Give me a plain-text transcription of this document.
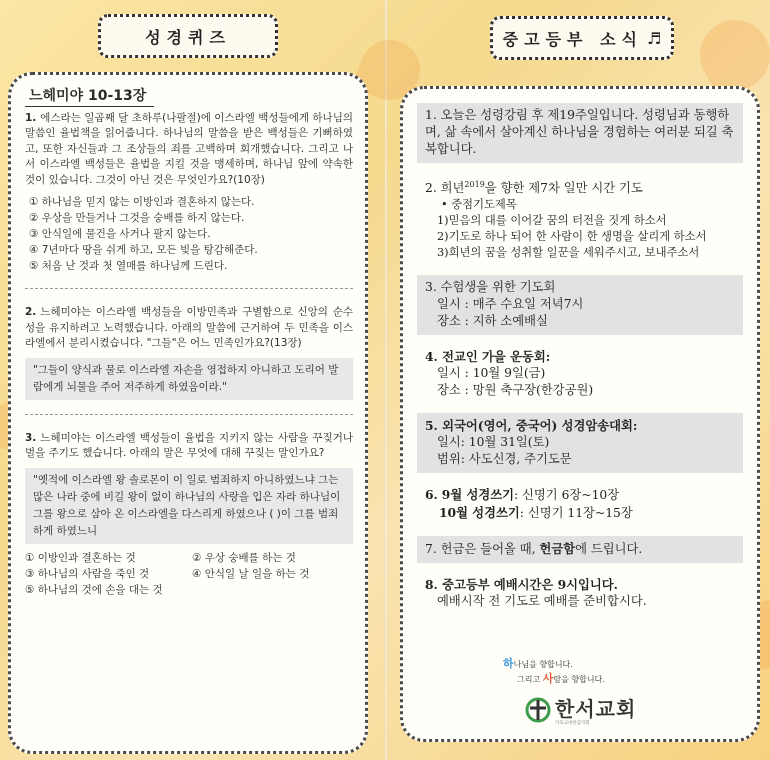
성경퀴즈
느헤미야 10-13장
1. 에스라는 일곱째 달 초하루(나팔절)에 이스라엘 백성들에게 하나님의 말씀인 율법책을 읽어줍니다. 하나님의 말씀을 받은 백성들은 기뻐하였고, 또한 자신들과 그 조상들의 죄를 고백하며 회개했습니다. 그리고 나서 이스라엘 백성들은 율법을 지킬 것을 맹세하며, 하나님 앞에 약속한 것이 있습니다. 그것이 아닌 것은 무엇인가요?(10장)
① 하나님을 믿지 않는 이방인과 결혼하지 않는다.
② 우상을 만들거나 그것을 숭배를 하지 않는다.
③ 안식일에 물건을 사거나 팔지 않는다.
④ 7년마다 땅을 쉬게 하고, 모든 빚을 탕감해준다.
⑤ 처음 난 것과 첫 열매를 하나님께 드린다.
2. 느헤미야는 이스라엘 백성들을 이방민족과 구별함으로 신앙의 순수성을 유지하려고 노력했습니다. 아래의 말씀에 근거하여 두 민족을 이스라엘에서 분리시켰습니다. "그들"은 어느 민족인가요?(13장)
"그들이 양식과 물로 이스라엘 자손을 영접하지 아니하고 도리어 발람에게 뇌물을 주어 저주하게 하였음이라."
3. 느헤미야는 이스라엘 백성들이 율법을 지키지 않는 사람을 꾸짖거나 벌을 주기도 했습니다. 아래의 말은 무엇에 대해 꾸짖는 말인가요?
"옛적에 이스라엘 왕 솔로몬이 이 일로 범죄하지 아니하였느냐 그는 많은 나라 중에 비길 왕이 없이 하나님의 사랑을 입은 자라 하나님이 그를 왕으로 삼아 온 이스라엘을 다스리게 하였으나 ( )이 그를 범죄하게 하였느니
① 이방인과 결혼하는 것	② 우상 숭배를 하는 것
③ 하나님의 사람을 죽인 것	④ 안식일 날 일을 하는 것
⑤ 하나님의 것에 손을 대는 것
중고등부 소식 ♬
1. 오늘은 성령강림 후 제19주일입니다. 성령님과 동행하며, 삶 속에서 살아계신 하나님을 경험하는 여러분 되길 축복합니다.
2. 희년$^{2019}$을 향한 제7차 일만 시간 기도
• 중점기도제목
1)믿음의 대를 이어갈 꿈의 터전을 짓게 하소서
2)기도로 하나 되어 한 사람이 한 생명을 살리게 하소서
3)희년의 꿈을 성취할 일꾼을 세워주시고, 보내주소서
3. 수험생을 위한 기도회
일시 : 매주 수요일 저녁7시
장소 : 지하 소예배실
4. 전교인 가을 운동회:
일시 : 10월 9일(금)
장소 : 망원 축구장(한강공원)
5. 외국어(영어, 중국어) 성경암송대회:
일시: 10월 31일(토)
범위: 사도신경, 주기도문
6. 9월 성경쓰기: 신명기 6장~10장
10월 성경쓰기: 신명기 11장~15장
7. 헌금은 들어올 때, 헌금함에 드립니다.
8. 중고등부 예배시간은 9시입니다.
예배시작 전 기도로 예배를 준비합시다.
하나님을 향합니다.
그리고 사람을 향합니다.
한서교회
기독교대한감리회
